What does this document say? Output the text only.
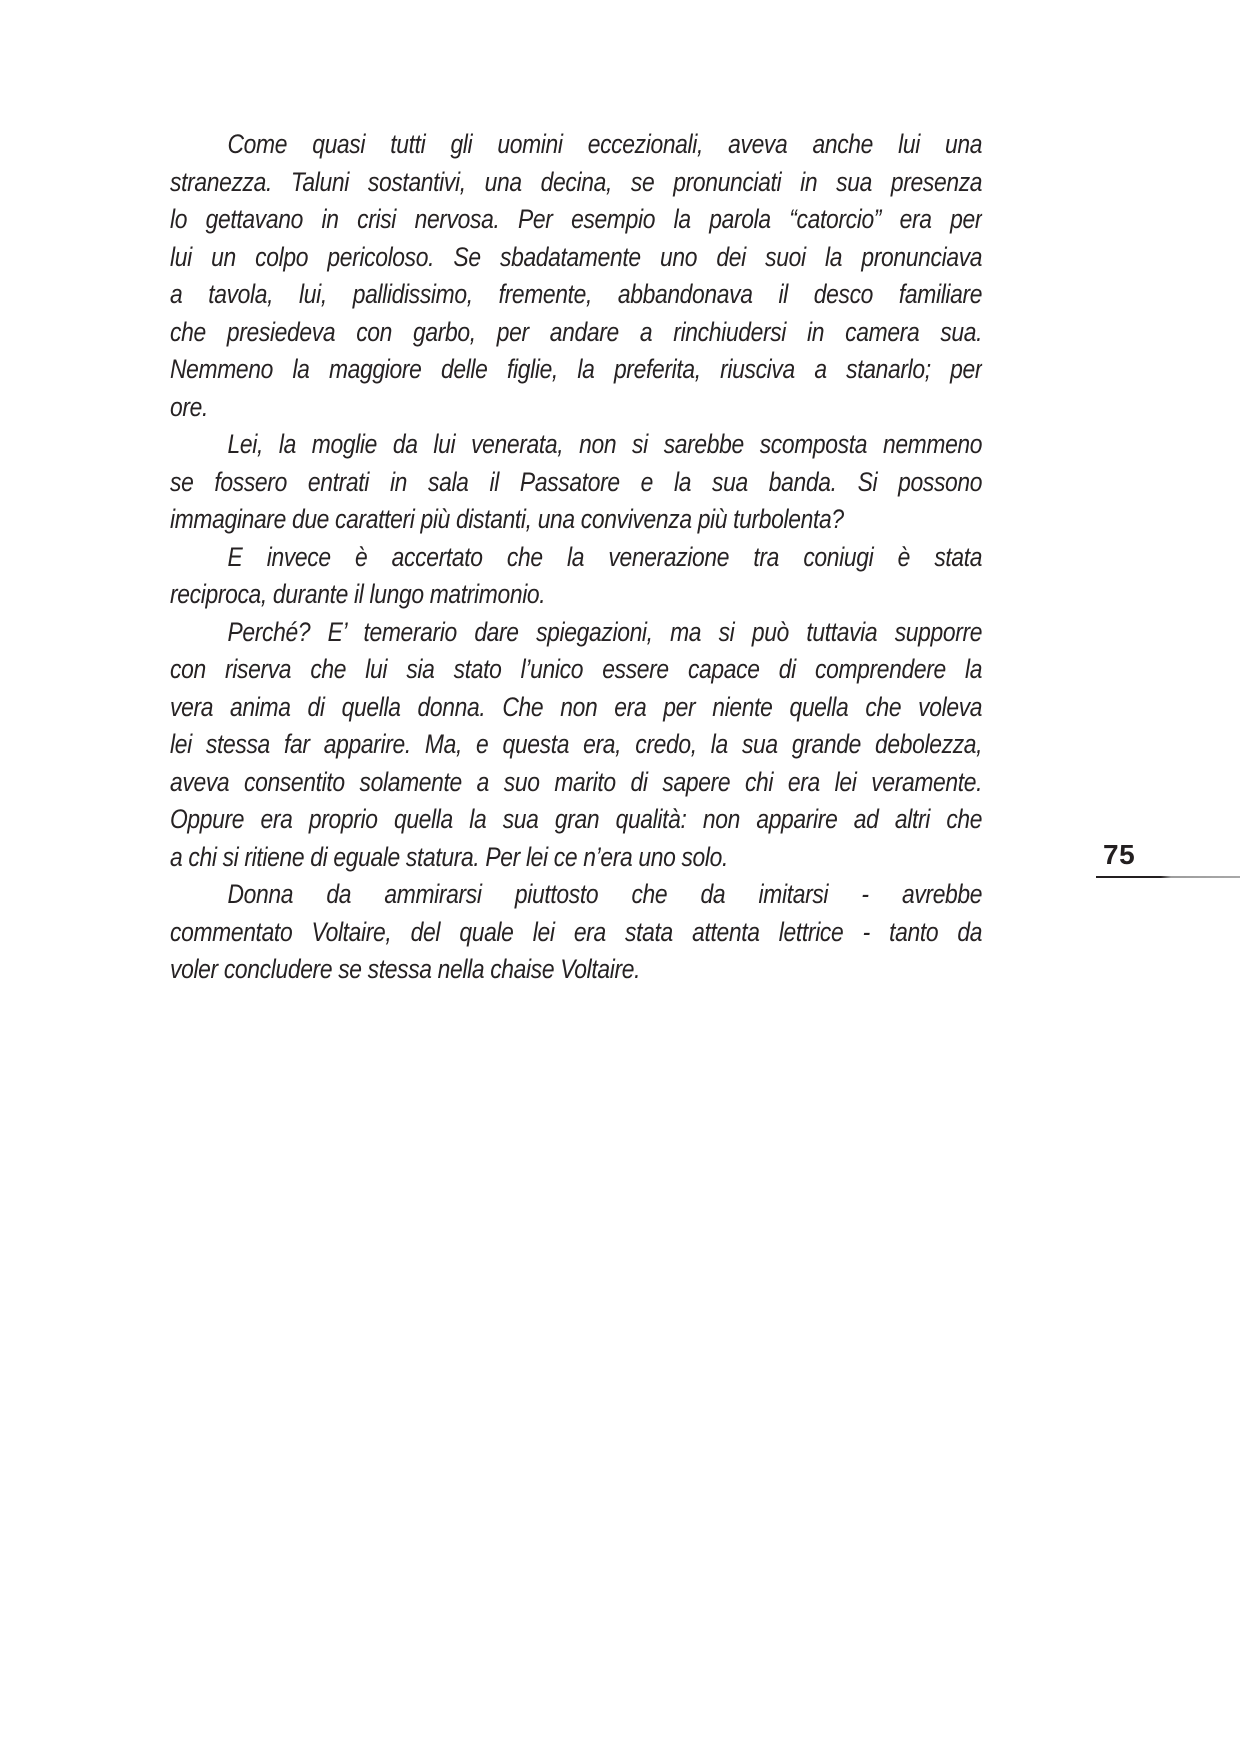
Come quasi tutti gli uomini eccezionali, aveva anche lui una
stranezza. Taluni sostantivi, una decina, se pronunciati in sua presenza
lo gettavano in crisi nervosa. Per esempio la parola “catorcio” era per
lui un colpo pericoloso. Se sbadatamente uno dei suoi la pronunciava
a tavola, lui, pallidissimo, fremente, abbandonava il desco familiare
che presiedeva con garbo, per andare a rinchiudersi in camera sua.
Nemmeno la maggiore delle figlie, la preferita, riusciva a stanarlo; per
ore.
Lei, la moglie da lui venerata, non si sarebbe scomposta nemmeno
se fossero entrati in sala il Passatore e la sua banda. Si possono
immaginare due caratteri più distanti, una convivenza più turbolenta?
E invece è accertato che la venerazione tra coniugi è stata
reciproca, durante il lungo matrimonio.
Perché? E’ temerario dare spiegazioni, ma si può tuttavia supporre
con riserva che lui sia stato l’unico essere capace di comprendere la
vera anima di quella donna. Che non era per niente quella che voleva
lei stessa far apparire. Ma, e questa era, credo, la sua grande debolezza,
aveva consentito solamente a suo marito di sapere chi era lei veramente.
Oppure era proprio quella la sua gran qualità: non apparire ad altri che
a chi si ritiene di eguale statura. Per lei ce n’era uno solo.
Donna da ammirarsi piuttosto che da imitarsi - avrebbe
commentato Voltaire, del quale lei era stata attenta lettrice - tanto da
voler concludere se stessa nella chaise Voltaire.
75
